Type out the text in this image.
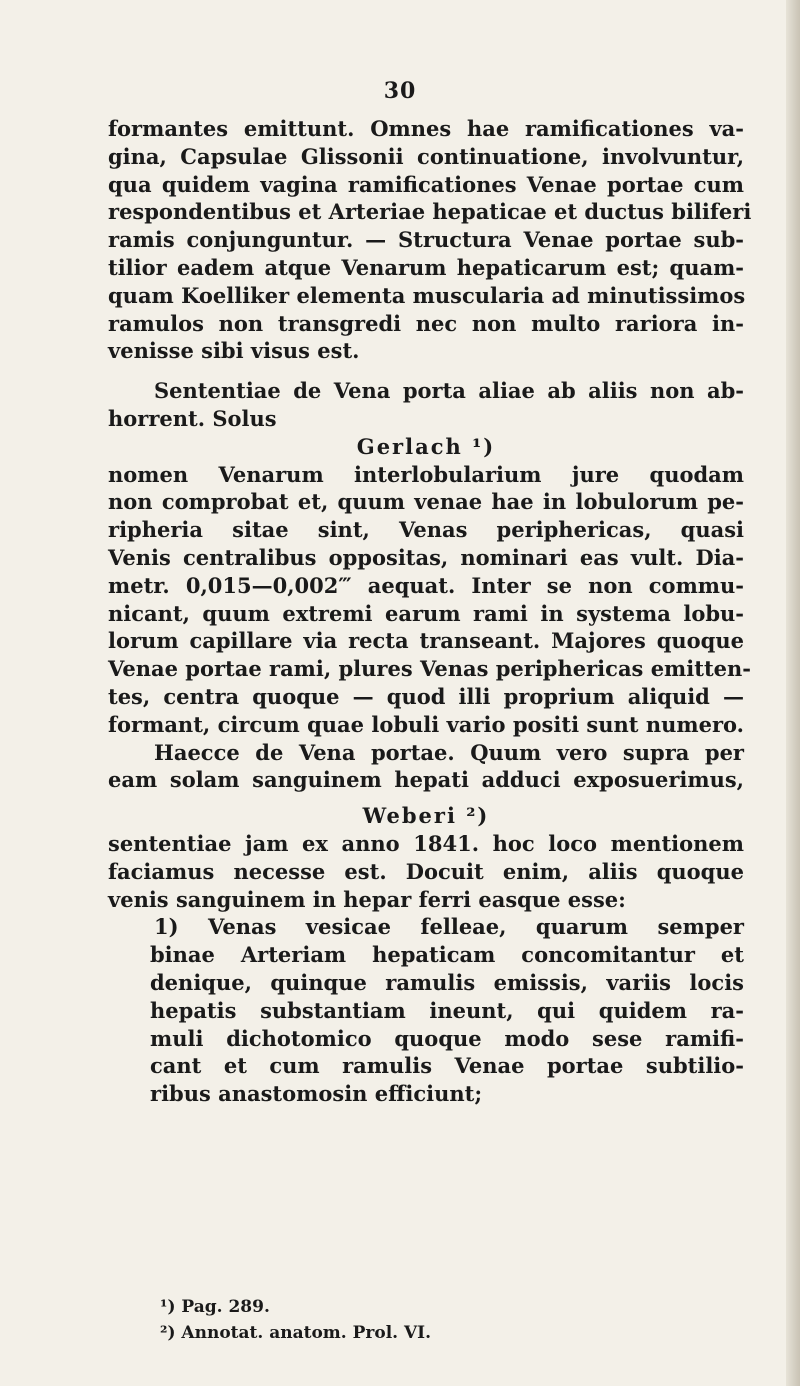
30
formantes emittunt. Omnes hae ramificationes va-
gina, Capsulae Glissonii continuatione, involvuntur,
qua quidem vagina ramificationes Venae portae cum
respondentibus et Arteriae hepaticae et ductus biliferi
ramis conjunguntur. — Structura Venae portae sub-
tilior eadem atque Venarum hepaticarum est; quam-
quam Koelliker elementa muscularia ad minutissimos
ramulos non transgredi nec non multo rariora in-
venisse sibi visus est.
Sententiae de Vena porta aliae ab aliis non ab-
horrent. Solus
Gerlach ¹)
nomen Venarum interlobularium jure quodam
non comprobat et, quum venae hae in lobulorum pe-
ripheria sitae sint, Venas periphericas, quasi
Venis centralibus oppositas, nominari eas vult. Dia-
metr. 0,015—0,002‴ aequat. Inter se non commu-
nicant, quum extremi earum rami in systema lobu-
lorum capillare via recta transeant. Majores quoque
Venae portae rami, plures Venas periphericas emitten-
tes, centra quoque — quod illi proprium aliquid —
formant, circum quae lobuli vario positi sunt numero.
Haecce de Vena portae. Quum vero supra per
eam solam sanguinem hepati adduci exposuerimus,
Weberi ²)
sententiae jam ex anno 1841. hoc loco mentionem
faciamus necesse est. Docuit enim, aliis quoque
venis sanguinem in hepar ferri easque esse:
1) Venas vesicae felleae, quarum semper
binae Arteriam hepaticam concomitantur et
denique, quinque ramulis emissis, variis locis
hepatis substantiam ineunt, qui quidem ra-
muli dichotomico quoque modo sese ramifi-
cant et cum ramulis Venae portae subtilio-
ribus anastomosin efficiunt;
¹) Pag. 289.
²) Annotat. anatom. Prol. VI.
